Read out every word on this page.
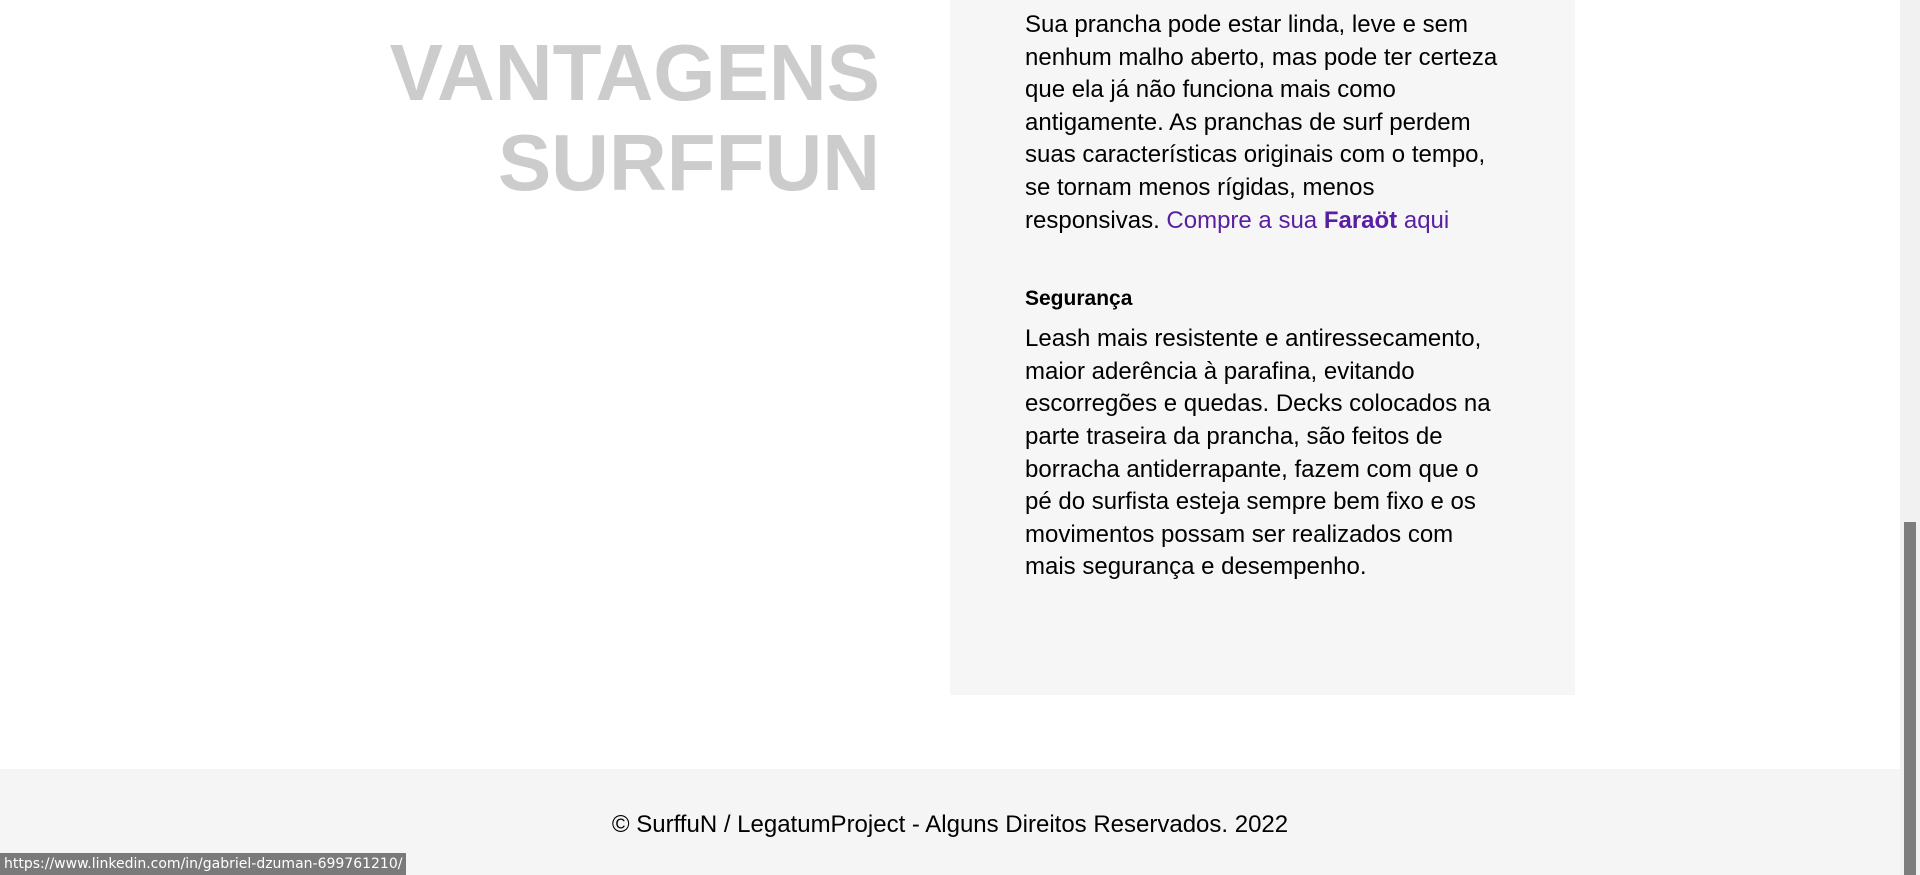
VANTAGENS
SURFFUN

Sua prancha pode estar linda, leve e sem nenhum malho aberto, mas pode ter certeza que ela já não funciona mais como antigamente. As pranchas de surf perdem suas características originais com o tempo, se tornam menos rígidas, menos responsivas. Compre a sua Faraöt aqui

Segurança

Leash mais resistente e antiressecamento, maior aderência à parafina, evitando escorregões e quedas. Decks colocados na parte traseira da prancha, são feitos de borracha antiderrapante, fazem com que o pé do surfista esteja sempre bem fixo e os movimentos possam ser realizados com mais segurança e desempenho.

© SurffuN / LegatumProject - Alguns Direitos Reservados. 2022
https://www.linkedin.com/in/gabriel-dzuman-699761210/
